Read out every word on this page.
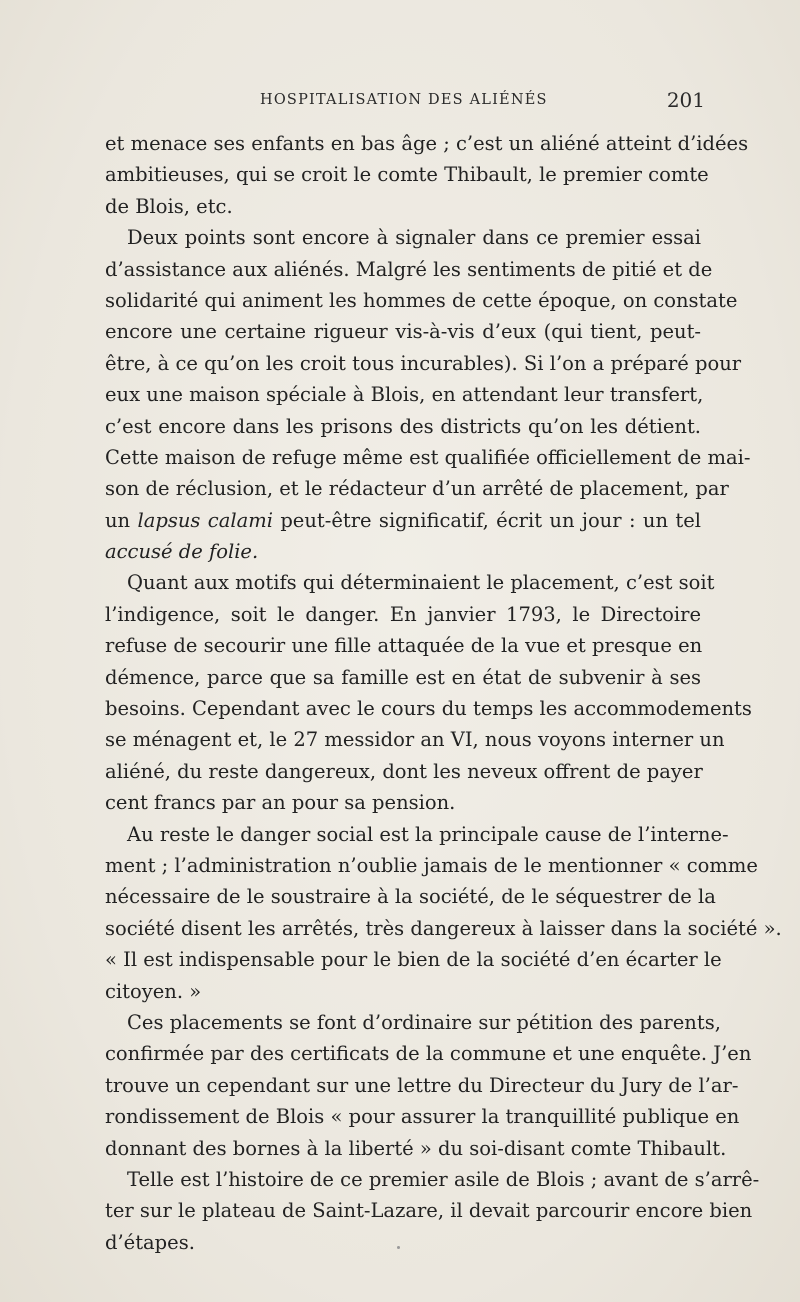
HOSPITALISATION DES ALIÉNÉS	201
et menace ses enfants en bas âge ; c’est un aliéné atteint d’idées
ambitieuses, qui se croit le comte Thibault, le premier comte
de Blois, etc.
Deux points sont encore à signaler dans ce premier essai
d’assistance aux aliénés. Malgré les sentiments de pitié et de
solidarité qui animent les hommes de cette époque, on constate
encore une certaine rigueur vis-à-vis d’eux (qui tient, peut-
être, à ce qu’on les croit tous incurables). Si l’on a préparé pour
eux une maison spéciale à Blois, en attendant leur transfert,
c’est encore dans les prisons des districts qu’on les détient.
Cette maison de refuge même est qualifiée officiellement de mai-
son de réclusion, et le rédacteur d’un arrêté de placement, par
un lapsus calami peut-être significatif, écrit un jour : un tel
accusé de folie.
Quant aux motifs qui déterminaient le placement, c’est soit
l’indigence, soit le danger. En janvier 1793, le Directoire
refuse de secourir une fille attaquée de la vue et presque en
démence, parce que sa famille est en état de subvenir à ses
besoins. Cependant avec le cours du temps les accommodements
se ménagent et, le 27 messidor an VI, nous voyons interner un
aliéné, du reste dangereux, dont les neveux offrent de payer
cent francs par an pour sa pension.
Au reste le danger social est la principale cause de l’interne-
ment ; l’administration n’oublie jamais de le mentionner « comme
nécessaire de le soustraire à la société, de le séquestrer de la
société disent les arrêtés, très dangereux à laisser dans la société ».
« Il est indispensable pour le bien de la société d’en écarter le
citoyen. »
Ces placements se font d’ordinaire sur pétition des parents,
confirmée par des certificats de la commune et une enquête. J’en
trouve un cependant sur une lettre du Directeur du Jury de l’ar-
rondissement de Blois « pour assurer la tranquillité publique en
donnant des bornes à la liberté » du soi-disant comte Thibault.
Telle est l’histoire de ce premier asile de Blois ; avant de s’arrê-
ter sur le plateau de Saint-Lazare, il devait parcourir encore bien
d’étapes.
